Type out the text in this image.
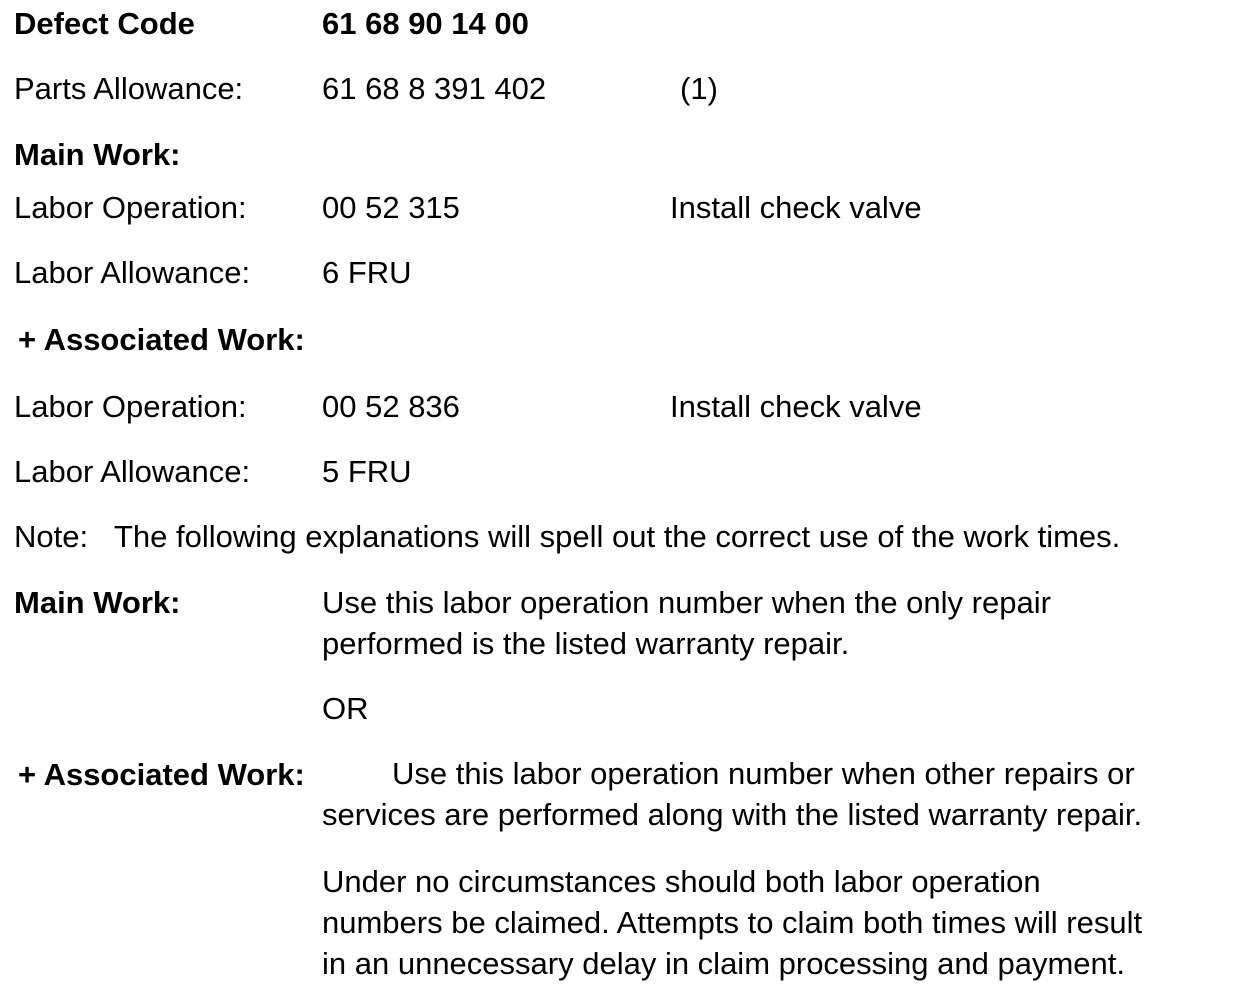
Defect Code	61 68 90 14 00
Parts Allowance:	61 68 8 391 402	(1)
Main Work:
Labor Operation: 00 52 315	Install check valve
Labor Allowance: 6 FRU
+ Associated Work:
Labor Operation: 00 52 836	Install check valve
Labor Allowance: 5 FRU
Note: The following explanations will spell out the correct use of the work times.
Main Work:	Use this labor operation number when the only repair
performed is the listed warranty repair.
OR
+ Associated Work:	Use this labor operation number when other repairs or
services are performed along with the listed warranty repair.
Under no circumstances should both labor operation
numbers be claimed. Attempts to claim both times will result
in an unnecessary delay in claim processing and payment.
